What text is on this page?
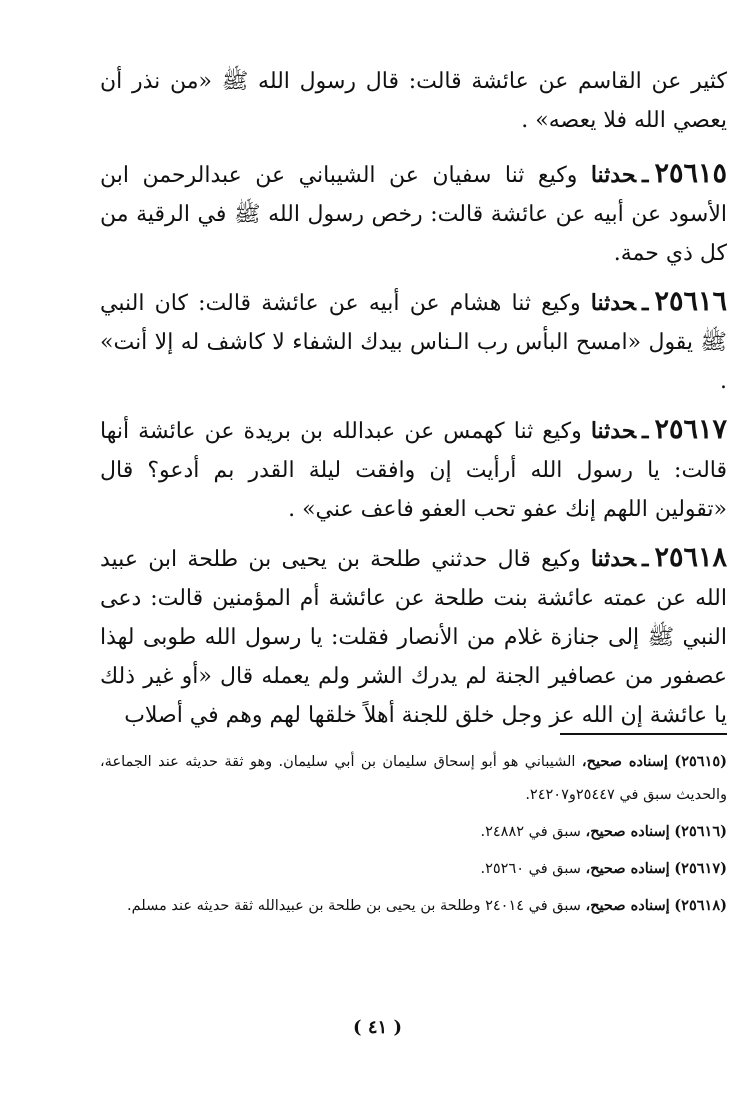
كثير عن القاسم عن عائشة قالت: قال رسول الله ﷺ «من نذر أن يعصي الله فلا يعصه» .

٢٥٦١٥ـحدثنا وكيع ثنا سفيان عن الشيباني عن عبدالرحمن ابن الأسود عن أبيه عن عائشة قالت: رخص رسول الله ﷺ في الرقية من كل ذي حمة.

٢٥٦١٦ـحدثنا وكيع ثنا هشام عن أبيه عن عائشة قالت: كان النبي ﷺ يقول «امسح البأس رب الـناس بيدك الشفاء لا كاشف له إلا أنت» .

٢٥٦١٧ـحدثنا وكيع ثنا كهمس عن عبدالله بن بريدة عن عائشة أنها قالت: يا رسول الله أرأيت إن وافقت ليلة القدر بم أدعو؟ قال «تقولين اللهم إنك عفو تحب العفو فاعف عني» .

٢٥٦١٨ـحدثنا وكيع قال حدثني طلحة بن يحيى بن طلحة ابن عبيد الله عن عمته عائشة بنت طلحة عن عائشة أم المؤمنين قالت: دعى النبي ﷺ إلى جنازة غلام من الأنصار فقلت: يا رسول الله طوبى لهذا عصفور من عصافير الجنة لم يدرك الشر ولم يعمله قال «أو غير ذلك يا عائشة إن الله عز وجل خلق للجنة أهلاً خلقها لهم وهم في أصلاب

(٢٥٦١٥) إسناده صحيح، الشيباني هو أبو إسحاق سليمان بن أبي سليمان. وهو ثقة حديثه عند الجماعة، والحديث سبق في ٢٥٤٤٧و٢٤٢٠٧.

(٢٥٦١٦) إسناده صحيح، سبق في ٢٤٨٨٢.

(٢٥٦١٧) إسناده صحيح، سبق في ٢٥٢٦٠.

(٢٥٦١٨) إسناده صحيح، سبق في ٢٤٠١٤ وطلحة بن يحيى بن طلحة بن عبيدالله ثقة حديثه عند مسلم.

( ٤١ )
